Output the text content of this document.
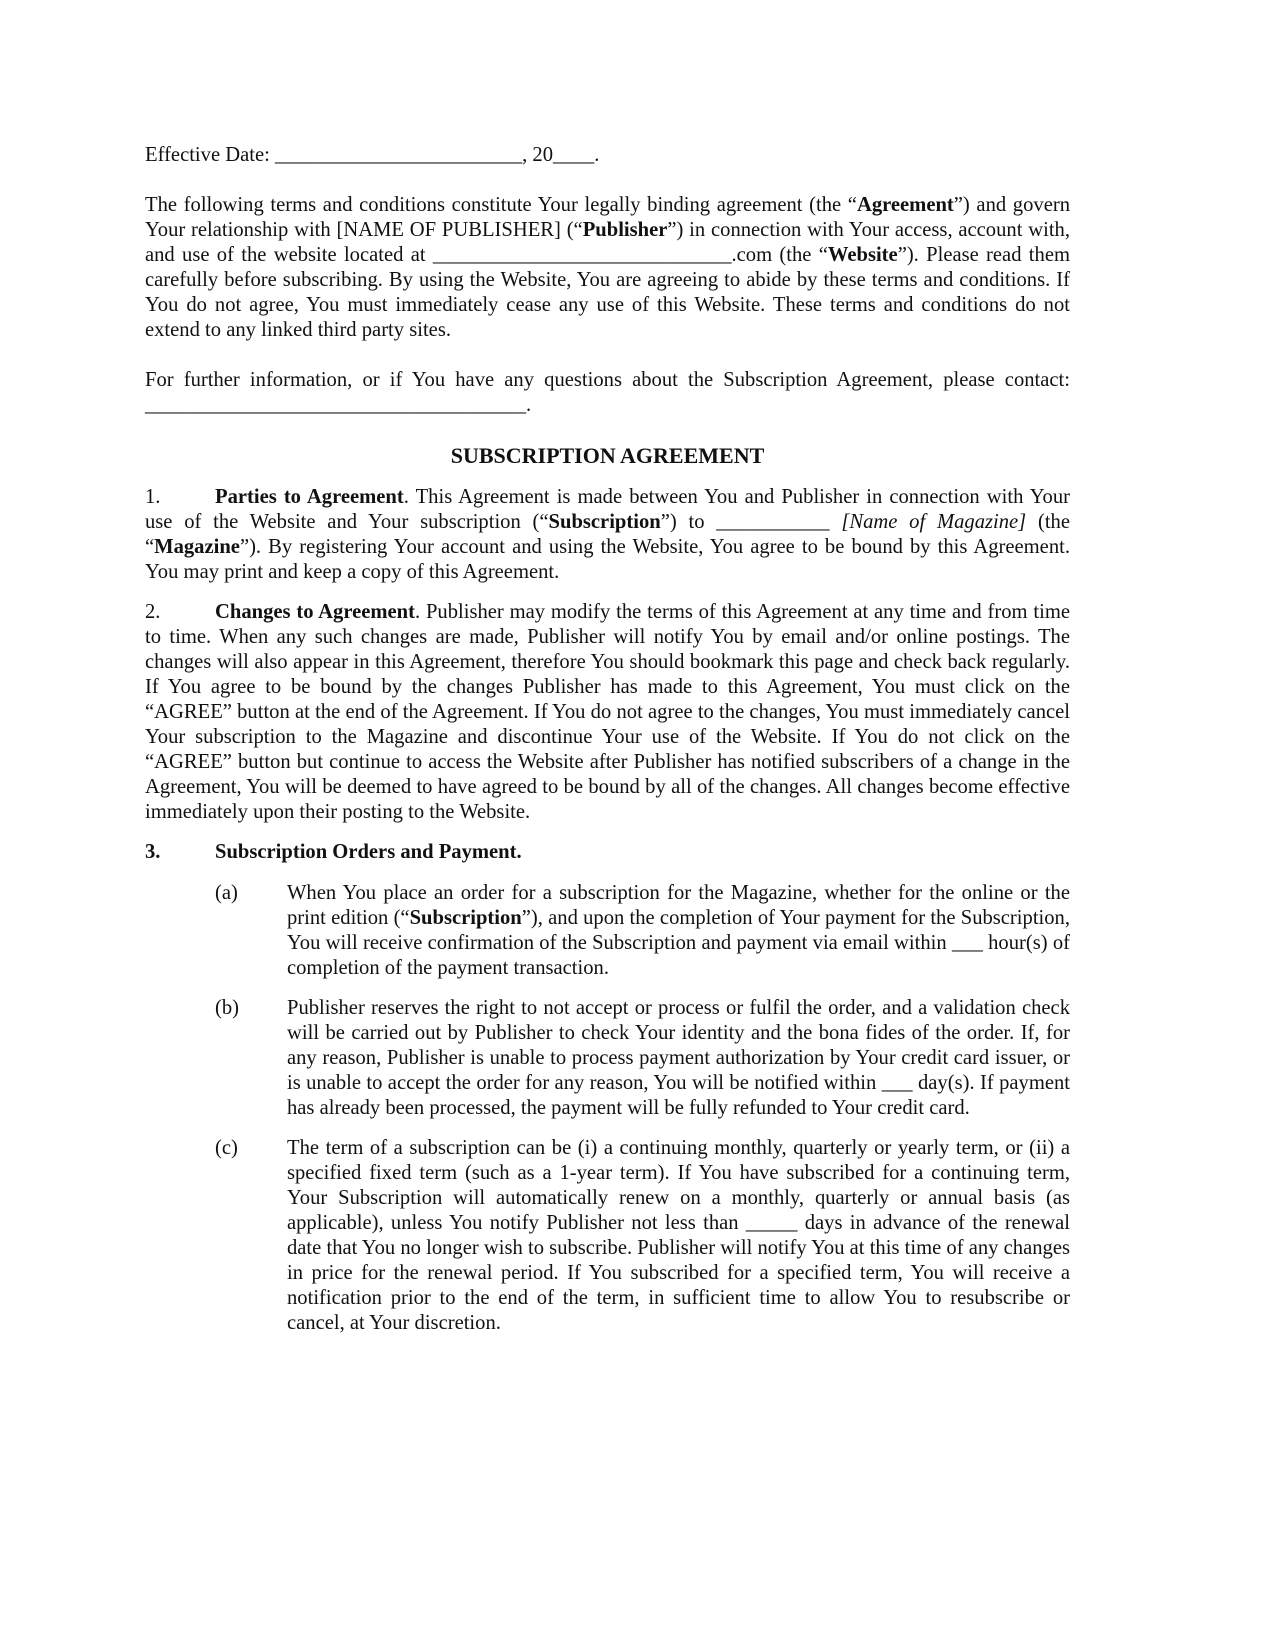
Effective Date: ________________________, 20____.

The following terms and conditions constitute Your legally binding agreement (the “Agreement”) and govern Your relationship with [NAME OF PUBLISHER] (“Publisher”) in connection with Your access, account with, and use of the website located at _____________________________.com (the “Website”). Please read them carefully before subscribing. By using the Website, You are agreeing to abide by these terms and conditions. If You do not agree, You must immediately cease any use of this Website. These terms and conditions do not extend to any linked third party sites.

For further information, or if You have any questions about the Subscription Agreement, please contact: _____________________________________.

SUBSCRIPTION AGREEMENT

1.	Parties to Agreement. This Agreement is made between You and Publisher in connection with Your use of the Website and Your subscription (“Subscription”) to ___________ [Name of Magazine] (the “Magazine”). By registering Your account and using the Website, You agree to be bound by this Agreement. You may print and keep a copy of this Agreement.

2.	Changes to Agreement. Publisher may modify the terms of this Agreement at any time and from time to time. When any such changes are made, Publisher will notify You by email and/or online postings. The changes will also appear in this Agreement, therefore You should bookmark this page and check back regularly. If You agree to be bound by the changes Publisher has made to this Agreement, You must click on the “AGREE” button at the end of the Agreement. If You do not agree to the changes, You must immediately cancel Your subscription to the Magazine and discontinue Your use of the Website. If You do not click on the “AGREE” button but continue to access the Website after Publisher has notified subscribers of a change in the Agreement, You will be deemed to have agreed to be bound by all of the changes. All changes become effective immediately upon their posting to the Website.

3.	Subscription Orders and Payment.
(a)	When You place an order for a subscription for the Magazine, whether for the online or the print edition (“Subscription”), and upon the completion of Your payment for the Subscription, You will receive confirmation of the Subscription and payment via email within ___ hour(s) of completion of the payment transaction.
(b)	Publisher reserves the right to not accept or process or fulfil the order, and a validation check will be carried out by Publisher to check Your identity and the bona fides of the order. If, for any reason, Publisher is unable to process payment authorization by Your credit card issuer, or is unable to accept the order for any reason, You will be notified within ___ day(s). If payment has already been processed, the payment will be fully refunded to Your credit card.
(c)	The term of a subscription can be (i) a continuing monthly, quarterly or yearly term, or (ii) a specified fixed term (such as a 1-year term). If You have subscribed for a continuing term, Your Subscription will automatically renew on a monthly, quarterly or annual basis (as applicable), unless You notify Publisher not less than _____ days in advance of the renewal date that You no longer wish to subscribe. Publisher will notify You at this time of any changes in price for the renewal period. If You subscribed for a specified term, You will receive a notification prior to the end of the term, in sufficient time to allow You to resubscribe or cancel, at Your discretion.
